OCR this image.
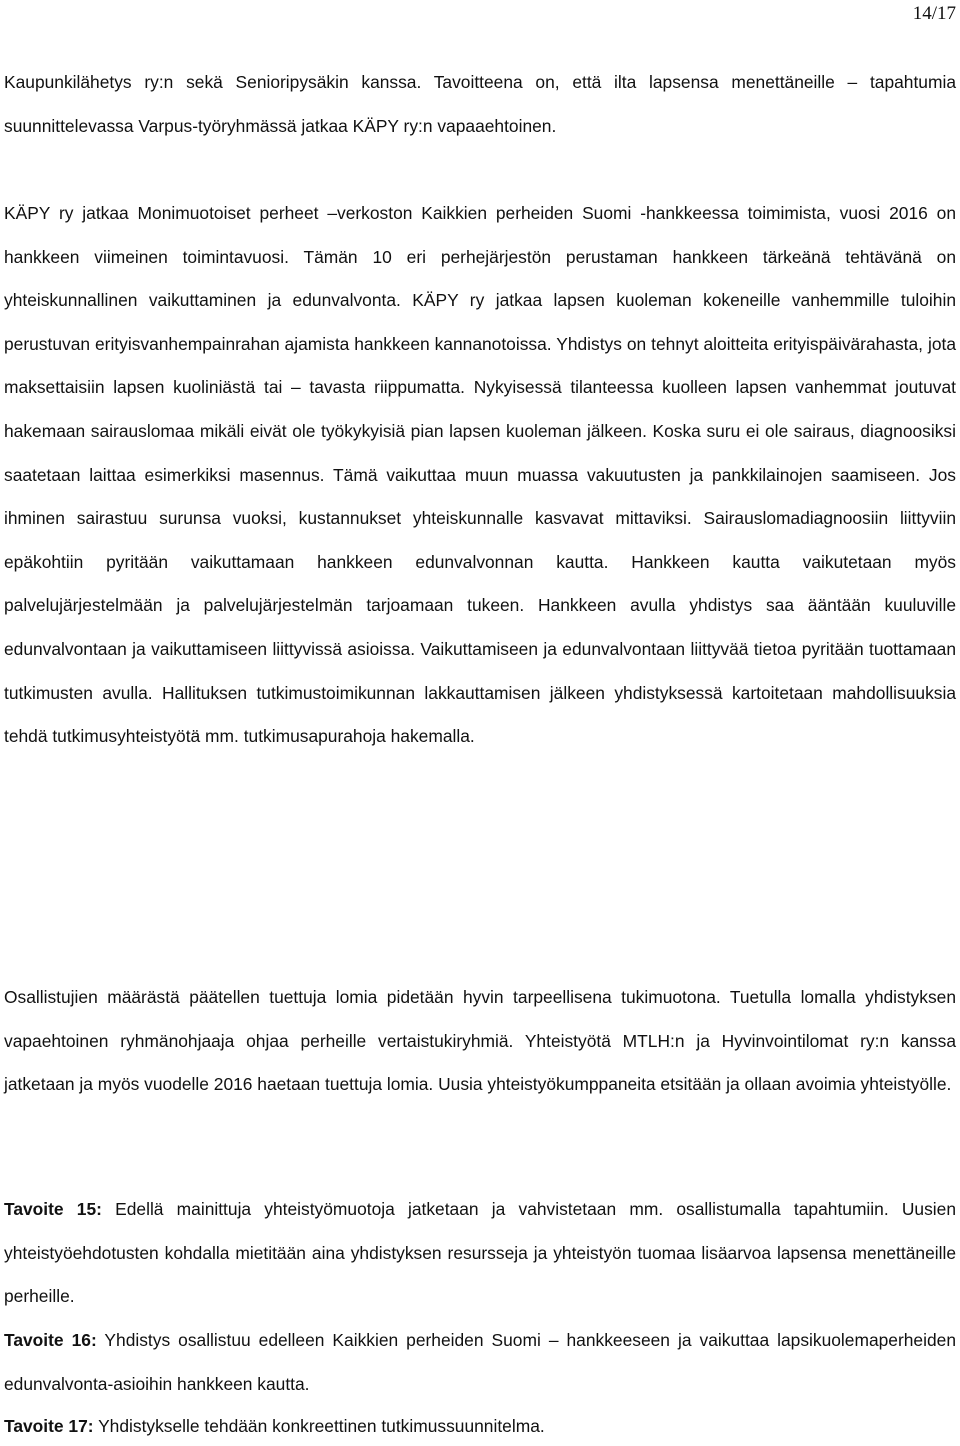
14/17

Kaupunkilähetys ry:n sekä Senioripysäkin kanssa. Tavoitteena on, että ilta lapsensa menettäneille – tapahtumia suunnittelevassa Varpus-työryhmässä jatkaa KÄPY ry:n vapaaehtoinen.

KÄPY ry jatkaa Monimuotoiset perheet –verkoston Kaikkien perheiden Suomi -hankkeessa toimimista, vuosi 2016 on hankkeen viimeinen toimintavuosi. Tämän 10 eri perhejärjestön perustaman hankkeen tärkeänä tehtävänä on yhteiskunnallinen vaikuttaminen ja edunvalvonta. KÄPY ry jatkaa lapsen kuoleman kokeneille vanhemmille tuloihin perustuvan erityisvanhempainrahan ajamista hankkeen kannanotoissa. Yhdistys on tehnyt aloitteita erityispäivärahasta, jota maksettaisiin lapsen kuoliniästä tai – tavasta riippumatta. Nykyisessä tilanteessa kuolleen lapsen vanhemmat joutuvat hakemaan sairauslomaa mikäli eivät ole työkykyisiä pian lapsen kuoleman jälkeen. Koska suru ei ole sairaus, diagnoosiksi saatetaan laittaa esimerkiksi masennus. Tämä vaikuttaa muun muassa vakuutusten ja pankkilainojen saamiseen. Jos ihminen sairastuu surunsa vuoksi, kustannukset yhteiskunnalle kasvavat mittaviksi. Sairauslomadiagnoosiin liittyviin epäkohtiin pyritään vaikuttamaan hankkeen edunvalvonnan kautta. Hankkeen kautta vaikutetaan myös palvelujärjestelmään ja palvelujärjestelmän tarjoamaan tukeen. Hankkeen avulla yhdistys saa ääntään kuuluville edunvalvontaan ja vaikuttamiseen liittyvissä asioissa. Vaikuttamiseen ja edunvalvontaan liittyvää tietoa pyritään tuottamaan tutkimusten avulla. Hallituksen tutkimustoimikunnan lakkauttamisen jälkeen yhdistyksessä kartoitetaan mahdollisuuksia tehdä tutkimusyhteistyötä mm. tutkimusapurahoja hakemalla.

Osallistujien määrästä päätellen tuettuja lomia pidetään hyvin tarpeellisena tukimuotona. Tuetulla lomalla yhdistyksen vapaehtoinen ryhmänohjaaja ohjaa perheille vertaistukiryhmiä. Yhteistyötä MTLH:n ja Hyvinvointilomat ry:n kanssa jatketaan ja myös vuodelle 2016 haetaan tuettuja lomia. Uusia yhteistyökumppaneita etsitään ja ollaan avoimia yhteistyölle.

Tavoite 15: Edellä mainittuja yhteistyömuotoja jatketaan ja vahvistetaan mm. osallistumalla tapahtumiin. Uusien yhteistyöehdotusten kohdalla mietitään aina yhdistyksen resursseja ja yhteistyön tuomaa lisäarvoa lapsensa menettäneille perheille.

Tavoite 16: Yhdistys osallistuu edelleen Kaikkien perheiden Suomi – hankkeeseen ja vaikuttaa lapsikuolemaperheiden edunvalvonta-asioihin hankkeen kautta.

Tavoite 17: Yhdistykselle tehdään konkreettinen tutkimussuunnitelma.
